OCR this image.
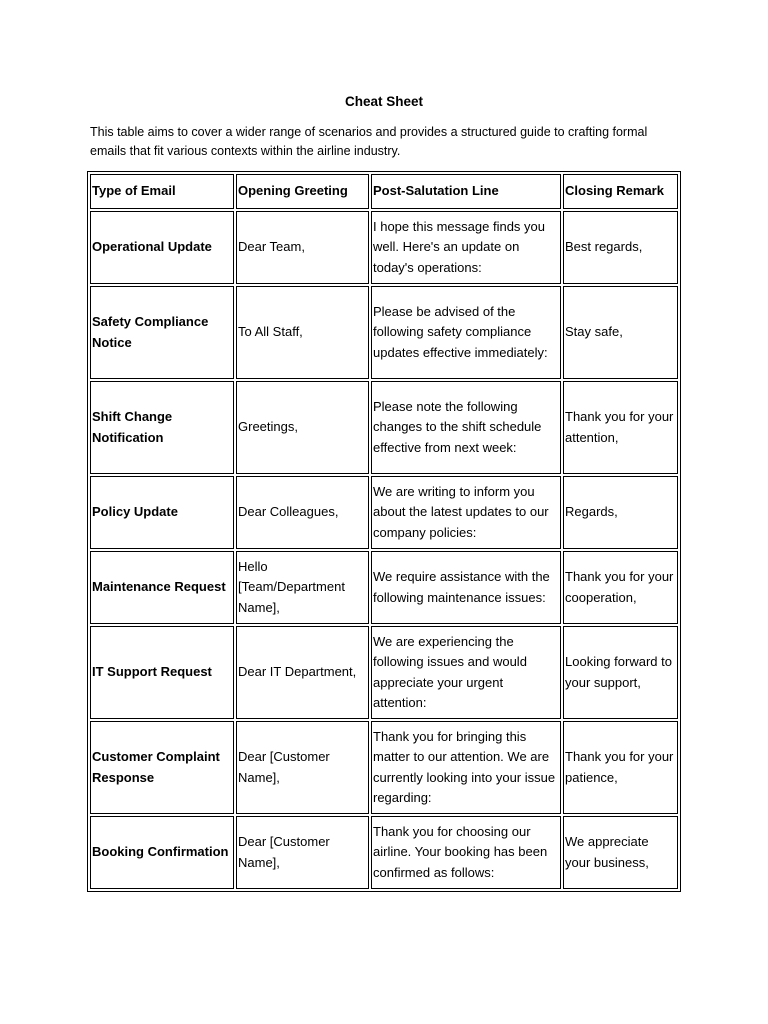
Cheat Sheet
This table aims to cover a wider range of scenarios and provides a structured guide to crafting formal emails that fit various contexts within the airline industry.
Type of Email	Opening Greeting	Post-Salutation Line	Closing Remark
Operational Update	Dear Team,	I hope this message finds you well. Here's an update on today's operations:	Best regards,
Safety Compliance Notice	To All Staff,	Please be advised of the following safety compliance updates effective immediately:	Stay safe,
Shift Change Notification	Greetings,	Please note the following changes to the shift schedule effective from next week:	Thank you for your attention,
Policy Update	Dear Colleagues,	We are writing to inform you about the latest updates to our company policies:	Regards,
Maintenance Request	Hello [Team/Department Name],	We require assistance with the following maintenance issues:	Thank you for your cooperation,
IT Support Request	Dear IT Department,	We are experiencing the following issues and would appreciate your urgent attention:	Looking forward to your support,
Customer Complaint Response	Dear [Customer Name],	Thank you for bringing this matter to our attention. We are currently looking into your issue regarding:	Thank you for your patience,
Booking Confirmation	Dear [Customer Name],	Thank you for choosing our airline. Your booking has been confirmed as follows:	We appreciate your business,
